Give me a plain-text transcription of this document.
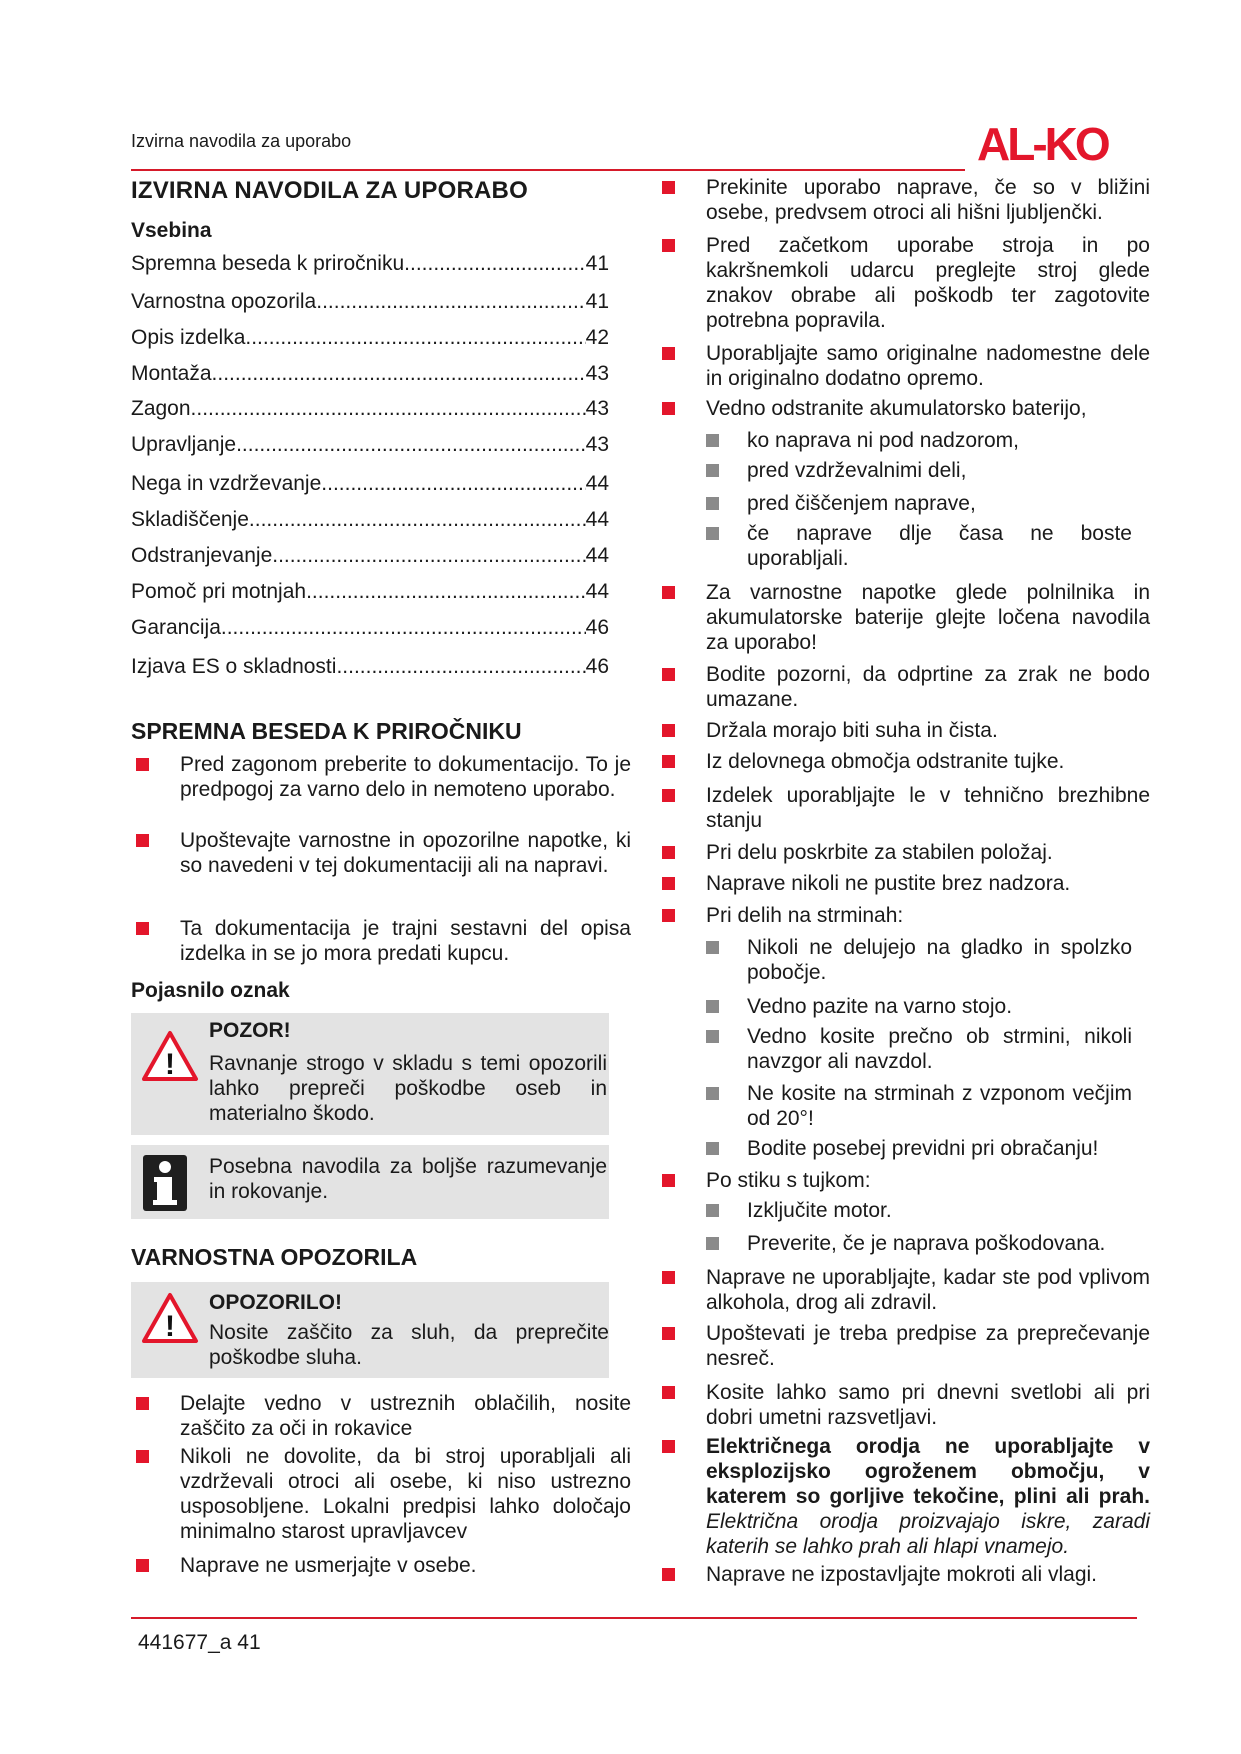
Izvirna navodila za uporabo	AL-KO
IZVIRNA NAVODILA ZA UPORABO
Vsebina
Spremna beseda k priročniku .....	41
Varnostna opozorila .....	41
Opis izdelka .....	42
Montaža .....	43
Zagon .....	43
Upravljanje .....	43
Nega in vzdrževanje .....	44
Skladiščenje .....	44
Odstranjevanje .....	44
Pomoč pri motnjah .....	44
Garancija .....	46
Izjava ES o skladnosti .....	46
SPREMNA BESEDA K PRIROČNIKU
Pred zagonom preberite to dokumentacijo. To je predpogoj za varno delo in nemoteno uporabo.
Upoštevajte varnostne in opozorilne napotke, ki so navedeni v tej dokumentaciji ali na napravi.
Ta dokumentacija je trajni sestavni del opisa izdelka in se jo mora predati kupcu.
Pojasnilo oznak
!
POZOR!
Ravnanje strogo v skladu s temi opozorili lahko prepreči poškodbe oseb in materialno škodo.
Posebna navodila za boljše razumevanje in rokovanje.
VARNOSTNA OPOZORILA
!
OPOZORILO!
Nosite zaščito za sluh, da preprečite poškodbe sluha.
Delajte vedno v ustreznih oblačilih, nosite zaščito za oči in rokavice
Nikoli ne dovolite, da bi stroj uporabljali ali vzdrževali otroci ali osebe, ki niso ustrezno usposobljene. Lokalni predpisi lahko določajo minimalno starost upravljavcev
Naprave ne usmerjajte v osebe.
Prekinite uporabo naprave, če so v bližini osebe, predvsem otroci ali hišni ljubljenčki.
Pred začetkom uporabe stroja in po kakršnemkoli udarcu preglejte stroj glede znakov obrabe ali poškodb ter zagotovite potrebna popravila.
Uporabljajte samo originalne nadomestne dele in originalno dodatno opremo.
Vedno odstranite akumulatorsko baterijo,
ko naprava ni pod nadzorom,
pred vzdrževalnimi deli,
pred čiščenjem naprave,
če naprave dlje časa ne boste uporabljali.
Za varnostne napotke glede polnilnika in akumulatorske baterije glejte ločena navodila za uporabo!
Bodite pozorni, da odprtine za zrak ne bodo umazane.
Držala morajo biti suha in čista.
Iz delovnega območja odstranite tujke.
Izdelek uporabljajte le v tehnično brezhibne stanju
Pri delu poskrbite za stabilen položaj.
Naprave nikoli ne pustite brez nadzora.
Pri delih na strminah:
Nikoli ne delujejo na gladko in spolzko pobočje.
Vedno pazite na varno stojo.
Vedno kosite prečno ob strmini, nikoli navzgor ali navzdol.
Ne kosite na strminah z vzponom večjim od 20°!
Bodite posebej previdni pri obračanju!
Po stiku s tujkom:
Izključite motor.
Preverite, če je naprava poškodovana.
Naprave ne uporabljajte, kadar ste pod vplivom alkohola, drog ali zdravil.
Upoštevati je treba predpise za preprečevanje nesreč.
Kosite lahko samo pri dnevni svetlobi ali pri dobri umetni razsvetljavi.
Električnega orodja ne uporabljajte v eksplozijsko ogroženem območju, v katerem so gorljive tekočine, plini ali prah. Električna orodja proizvajajo iskre, zaradi katerih se lahko prah ali hlapi vnamejo.
Naprave ne izpostavljajte mokroti ali vlagi.
441677_a 41
